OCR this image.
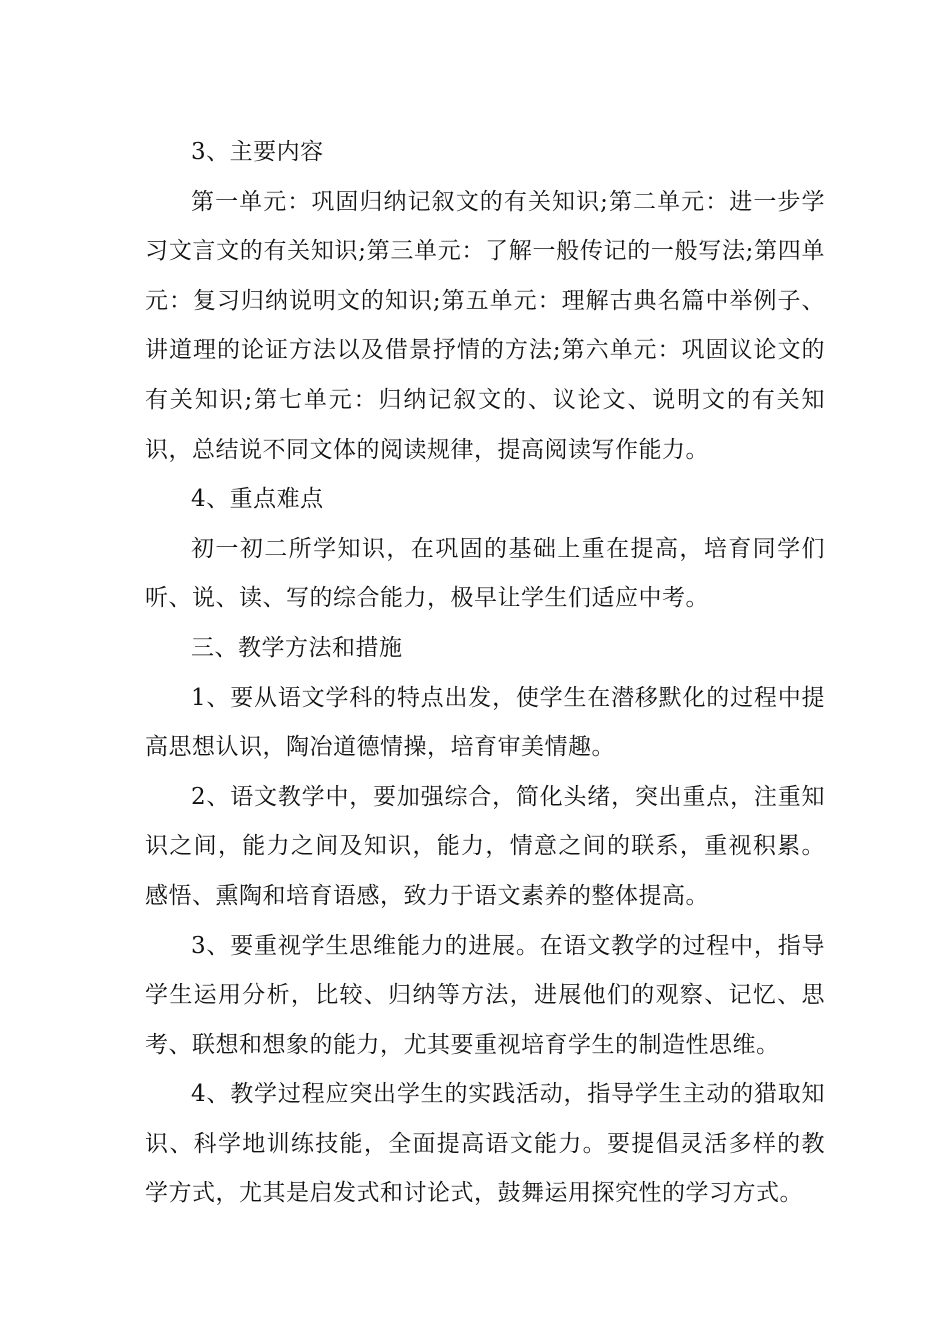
3、主要内容

第一单元：巩固归纳记叙文的有关知识;第二单元：进一步学习文言文的有关知识;第三单元：了解一般传记的一般写法;第四单元：复习归纳说明文的知识;第五单元：理解古典名篇中举例子、讲道理的论证方法以及借景抒情的方法;第六单元：巩固议论文的有关知识;第七单元：归纳记叙文的、议论文、说明文的有关知识，总结说不同文体的阅读规律，提高阅读写作能力。

4、重点难点

初一初二所学知识，在巩固的基础上重在提高，培育同学们听、说、读、写的综合能力，极早让学生们适应中考。

三、教学方法和措施

1、要从语文学科的特点出发，使学生在潜移默化的过程中提高思想认识，陶冶道德情操，培育审美情趣。

2、语文教学中，要加强综合，简化头绪，突出重点，注重知识之间，能力之间及知识，能力，情意之间的联系，重视积累。感悟、熏陶和培育语感，致力于语文素养的整体提高。

3、要重视学生思维能力的进展。在语文教学的过程中，指导学生运用分析，比较、归纳等方法，进展他们的观察、记忆、思考、联想和想象的能力，尤其要重视培育学生的制造性思维。

4、教学过程应突出学生的实践活动，指导学生主动的猎取知识、科学地训练技能，全面提高语文能力。要提倡灵活多样的教学方式，尤其是启发式和讨论式，鼓舞运用探究性的学习方式。
